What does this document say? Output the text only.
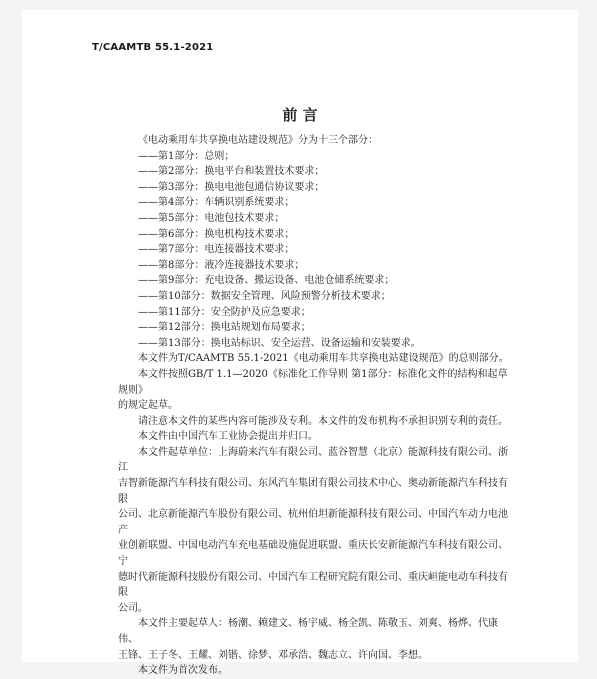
T/CAAMTB 55.1-2021
前 言

《电动乘用车共享换电站建设规范》分为十三个部分：

——第1部分：总则；

——第2部分：换电平台和装置技术要求；

——第3部分：换电电池包通信协议要求；

——第4部分：车辆识别系统要求；

——第5部分：电池包技术要求；

——第6部分：换电机构技术要求；

——第7部分：电连接器技术要求；

——第8部分：液冷连接器技术要求；

——第9部分：充电设备、搬运设备、电池仓储系统要求；

——第10部分：数据安全管理、风险预警分析技术要求；

——第11部分：安全防护及应急要求；

——第12部分：换电站规划布局要求；

——第13部分：换电站标识、安全运营、设备运输和安装要求。

本文件为T/CAAMTB 55.1-2021《电动乘用车共享换电站建设规范》的总则部分。

本文件按照GB/T 1.1—2020《标准化工作导则 第1部分：标准化文件的结构和起草规则》

的规定起草。

请注意本文件的某些内容可能涉及专利。本文件的发布机构不承担识别专利的责任。

本文件由中国汽车工业协会提出并归口。

本文件起草单位：上海蔚来汽车有限公司、蓝谷智慧（北京）能源科技有限公司、浙江

吉智新能源汽车科技有限公司、东风汽车集团有限公司技术中心、奥动新能源汽车科技有限

公司、北京新能源汽车股份有限公司、杭州伯坦新能源科技有限公司、中国汽车动力电池产

业创新联盟、中国电动汽车充电基础设施促进联盟、重庆长安新能源汽车科技有限公司、宁

德时代新能源科技股份有限公司、中国汽车工程研究院有限公司、重庆峘能电动车科技有限

公司。

本文件主要起草人：杨潮、赖建文、杨宇威、杨全凯、陈敬玉、刘爽、杨烨、代康伟、

王锋、王子冬、王耀、刘锴、徐梦、邓承浩、魏志立、许向国、李想。

本文件为首次发布。
